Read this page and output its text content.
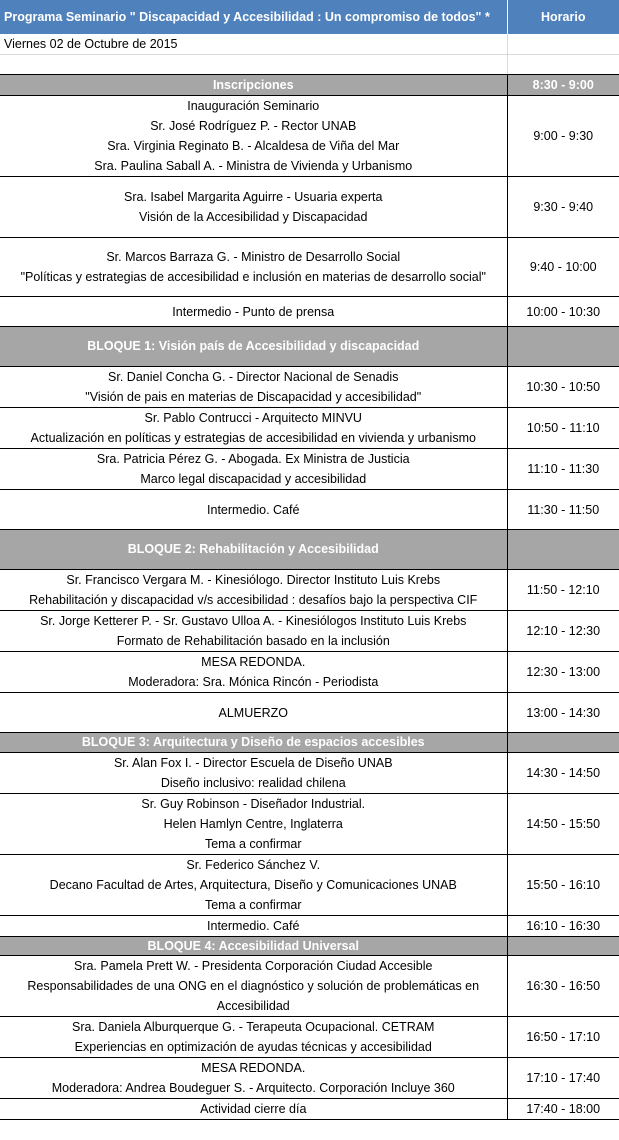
Programa Seminario " Discapacidad y Accesibilidad : Un compromiso de todos" *	Horario
Viernes 02 de Octubre de 2015	

Inscripciones	8:30 - 9:00

Inauguración Seminario
Sr. José Rodríguez P. - Rector UNAB
Sra. Virginia Reginato B. - Alcaldesa de Viña del Mar
Sra. Paulina Saball A. - Ministra de Vivienda y Urbanismo	9:00 - 9:30

Sra. Isabel Margarita Aguirre - Usuaria experta
Visión de la Accesibilidad y Discapacidad	9:30 - 9:40

Sr. Marcos Barraza G. - Ministro de Desarrollo Social
"Políticas y estrategias de accesibilidad e inclusión en materias de desarrollo social"	9:40 - 10:00

Intermedio - Punto de prensa	10:00 - 10:30

BLOQUE 1: Visión país de Accesibilidad y discapacidad	

Sr. Daniel Concha G. - Director Nacional de Senadis
"Visión de pais en materias de Discapacidad y accesibilidad"	10:30 - 10:50

Sr. Pablo Contrucci - Arquitecto MINVU
Actualización en políticas y estrategias de accesibilidad en vivienda y urbanismo	10:50 - 11:10

Sra. Patricia Pérez G. - Abogada. Ex Ministra de Justicia
Marco legal discapacidad y accesibilidad	11:10 - 11:30

Intermedio. Café	11:30 - 11:50

BLOQUE 2: Rehabilitación y Accesibilidad	

Sr. Francisco Vergara M. - Kinesiólogo. Director Instituto Luis Krebs
Rehabilitación y discapacidad v/s accesibilidad : desafíos bajo la perspectiva CIF	11:50 - 12:10

Sr. Jorge Ketterer P. - Sr. Gustavo Ulloa A. - Kinesiólogos Instituto Luis Krebs
Formato de Rehabilitación basado en la inclusión	12:10 - 12:30

MESA REDONDA.
Moderadora: Sra. Mónica Rincón - Periodista	12:30 - 13:00

ALMUERZO	13:00 - 14:30

BLOQUE 3: Arquitectura y Diseño de espacios accesibles	

Sr. Alan Fox I. - Director Escuela de Diseño UNAB
Diseño inclusivo: realidad chilena	14:30 - 14:50

Sr. Guy Robinson - Diseñador Industrial.
Helen Hamlyn Centre, Inglaterra
Tema a confirmar	14:50 - 15:50

Sr. Federico Sánchez V.
Decano Facultad de Artes, Arquitectura, Diseño y Comunicaciones UNAB
Tema a confirmar	15:50 - 16:10

Intermedio. Café	16:10 - 16:30

BLOQUE 4: Accesibilidad Universal	

Sra. Pamela Prett W. - Presidenta Corporación Ciudad Accesible
Responsabilidades de una ONG en el diagnóstico y solución de problemáticas en Accesibilidad	16:30 - 16:50

Sra. Daniela Alburquerque G. - Terapeuta Ocupacional. CETRAM
Experiencias en optimización de ayudas técnicas y accesibilidad	16:50 - 17:10

MESA REDONDA.
Moderadora: Andrea Boudeguer S. - Arquitecto. Corporación Incluye 360	17:10 - 17:40

Actividad cierre día	17:40 - 18:00
